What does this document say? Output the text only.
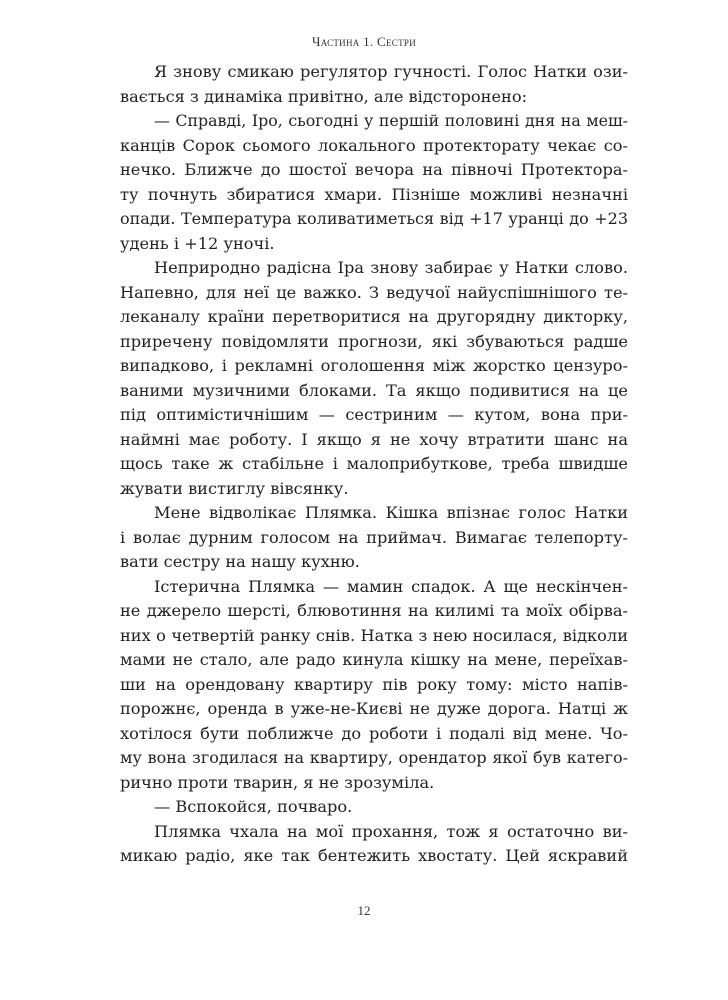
Частина 1. Сестри
Я знову смикаю регулятор гучності. Голос Натки ози-
вається з динаміка привітно, але відсторонено:
— Справді, Іро, сьогодні у першій половині дня на меш-
канців Сорок сьомого локального протекторату чекає со-
нечко. Ближче до шостої вечора на півночі Протектора-
ту почнуть збиратися хмари. Пізніше можливі незначні
опади. Температура коливатиметься від +17 уранці до +23
удень і +12 уночі.
Неприродно радісна Іра знову забирає у Натки слово.
Напевно, для неї це важко. З ведучої найуспішнішого те-
леканалу країни перетворитися на другорядну дикторку,
приречену повідомляти прогнози, які збуваються радше
випадково, і рекламні оголошення між жорстко цензуро-
ваними музичними блоками. Та якщо подивитися на це
під оптимістичнішим — сестриним — кутом, вона при-
наймні має роботу. І якщо я не хочу втратити шанс на
щось таке ж стабільне і малоприбуткове, треба швидше
жувати вистиглу вівсянку.
Мене відволікає Плямка. Кішка впізнає голос Натки
і волає дурним голосом на приймач. Вимагає телепорту-
вати сестру на нашу кухню.
Істерична Плямка — мамин спадок. А ще нескінчен-
не джерело шерсті, блювотиння на килимі та моїх обірва-
них о четвертій ранку снів. Натка з нею носилася, відколи
мами не стало, але радо кинула кішку на мене, переїхав-
ши на орендовану квартиру пів року тому: місто напів-
порожнє, оренда в уже-не-Києві не дуже дорога. Натці ж
хотілося бути поближче до роботи і подалі від мене. Чо-
му вона згодилася на квартиру, орендатор якої був катего-
рично проти тварин, я не зрозуміла.
— Вспокойся, почваро.
Плямка чхала на мої прохання, тож я остаточно ви-
микаю радіо, яке так бентежить хвостату. Цей яскравий
12
